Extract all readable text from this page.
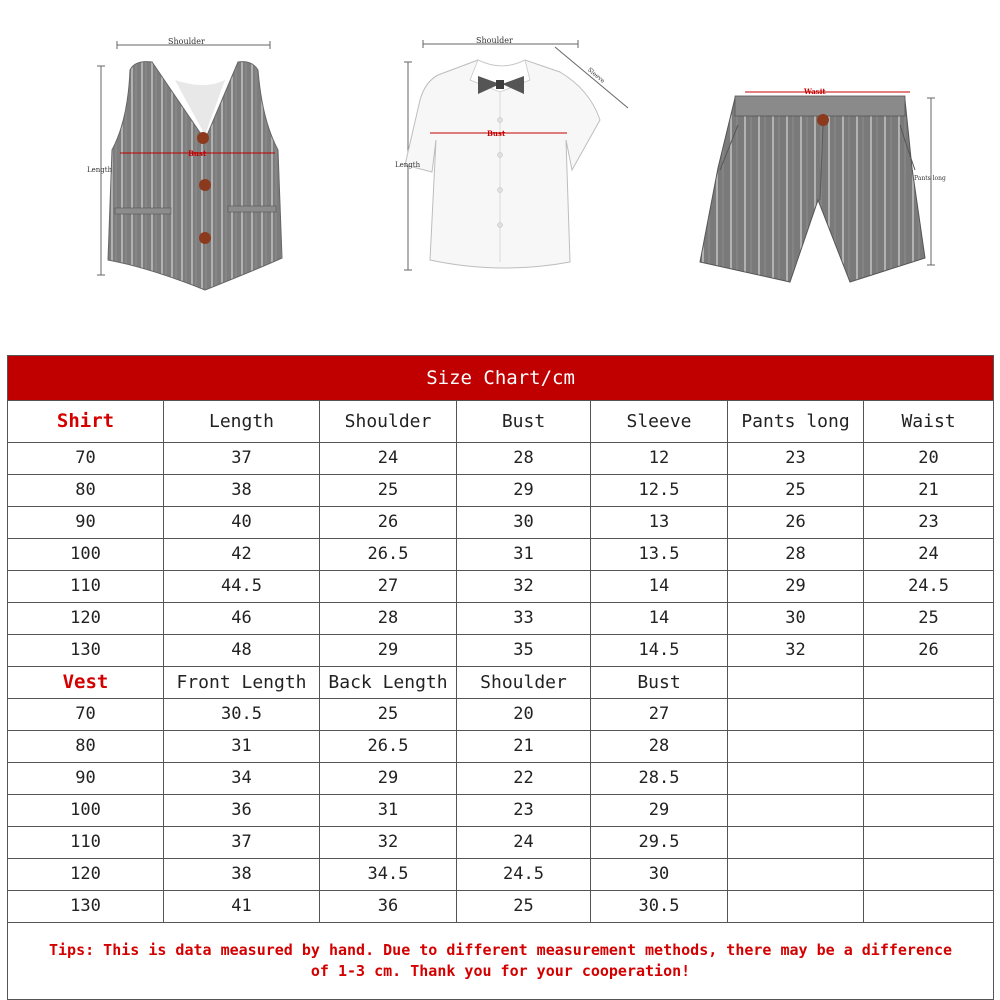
Shoulder
Length
Bust
Shoulder
Sleeve
Bust
Length
Wasit
Pants long
Size Chart/cm						
Shirt	Length	Shoulder	Bust	Sleeve	Pants long	Waist
70	37	24	28	12	23	20
80	38	25	29	12.5	25	21
90	40	26	30	13	26	23
100	42	26.5	31	13.5	28	24
110	44.5	27	32	14	29	24.5
120	46	28	33	14	30	25
130	48	29	35	14.5	32	26
Vest	Front Length	Back Length	Shoulder	Bust		
70	30.5	25	20	27		
80	31	26.5	21	28		
90	34	29	22	28.5		
100	36	31	23	29		
110	37	32	24	29.5		
120	38	34.5	24.5	30		
130	41	36	25	30.5		
Tips: This is data measured by hand. Due to different measurement methods, there may be a difference of 1-3 cm. Thank you for your cooperation!						
